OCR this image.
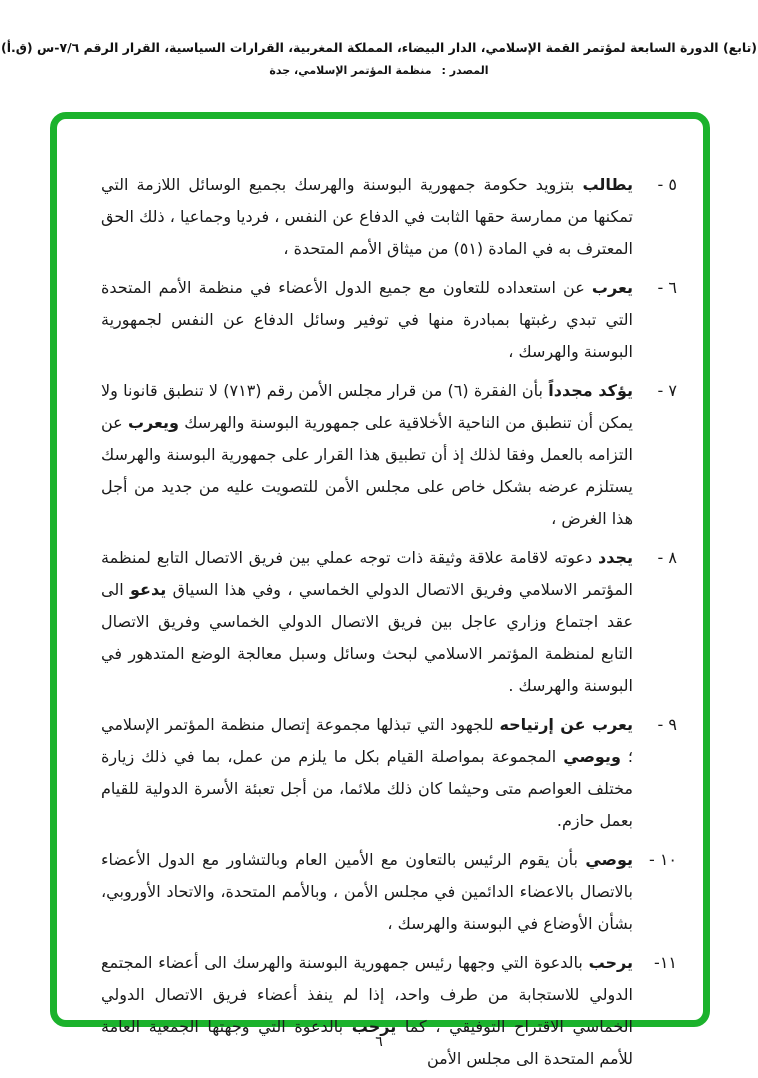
(تابع) الدورة السابعة لمؤتمر القمة الإسلامي، الدار البيضاء، المملكة المغربية، القرارات السياسية، القرار الرقم ٧/٦-س (ق.أ)
المصدر :منظمة المؤتمر الإسلامي، جدة
٥ -
يطالب بتزويد حكومة جمهورية البوسنة والهرسك بجميع الوسائل اللازمة التي تمكنها من ممارسة حقها الثابت في الدفاع عن النفس ، فرديا وجماعيا ، ذلك الحق المعترف به في المادة (٥١) من ميثاق الأمم المتحدة ،
٦ -
يعرب عن استعداده للتعاون مع جميع الدول الأعضاء في منظمة الأمم المتحدة التي تبدي رغبتها بمبادرة منها في توفير وسائل الدفاع عن النفس لجمهورية البوسنة والهرسك ،
٧ -
يؤكد مجدداً بأن الفقرة (٦) من قرار مجلس الأمن رقم (٧١٣) لا تنطبق قانونا ولا يمكن أن تنطبق من الناحية الأخلاقية على جمهورية البوسنة والهرسك ويعرب عن التزامه بالعمل وفقا لذلك إذ أن تطبيق هذا القرار على جمهورية البوسنة والهرسك يستلزم عرضه بشكل خاص على مجلس الأمن للتصويت عليه من جديد من أجل هذا الغرض ،
٨ -
يجدد دعوته لاقامة علاقة وثيقة ذات توجه عملي بين فريق الاتصال التابع لمنظمة المؤتمر الاسلامي وفريق الاتصال الدولي الخماسي ، وفي هذا السياق يدعو الى عقد اجتماع وزاري عاجل بين فريق الاتصال الدولي الخماسي وفريق الاتصال التابع لمنظمة المؤتمر الاسلامي لبحث وسائل وسبل معالجة الوضع المتدهور في البوسنة والهرسك .
٩ -
يعرب عن إرتياحه للجهود التي تبذلها مجموعة إتصال منظمة المؤتمر الإسلامي ؛ ويوصي المجموعة بمواصلة القيام بكل ما يلزم من عمل، بما في ذلك زيارة مختلف العواصم متى وحيثما كان ذلك ملائما، من أجل تعبئة الأسرة الدولية للقيام بعمل حازم.
١٠ -
يوصي بأن يقوم الرئيس بالتعاون مع الأمين العام وبالتشاور مع الدول الأعضاء بالاتصال بالاعضاء الدائمين في مجلس الأمن ، وبالأمم المتحدة، والاتحاد الأوروبي، بشأن الأوضاع في البوسنة والهرسك ،
١١-
يرحب بالدعوة التي وجهها رئيس جمهورية البوسنة والهرسك الى أعضاء المجتمع الدولي للاستجابة من طرف واحد، إذا لم ينفذ أعضاء فريق الاتصال الدولي الخماسي الاقتراح التوفيقي ، كما يرحب بالدعوة التي وجهتها الجمعية العامة للأمم المتحدة الى مجلس الأمن
٦
